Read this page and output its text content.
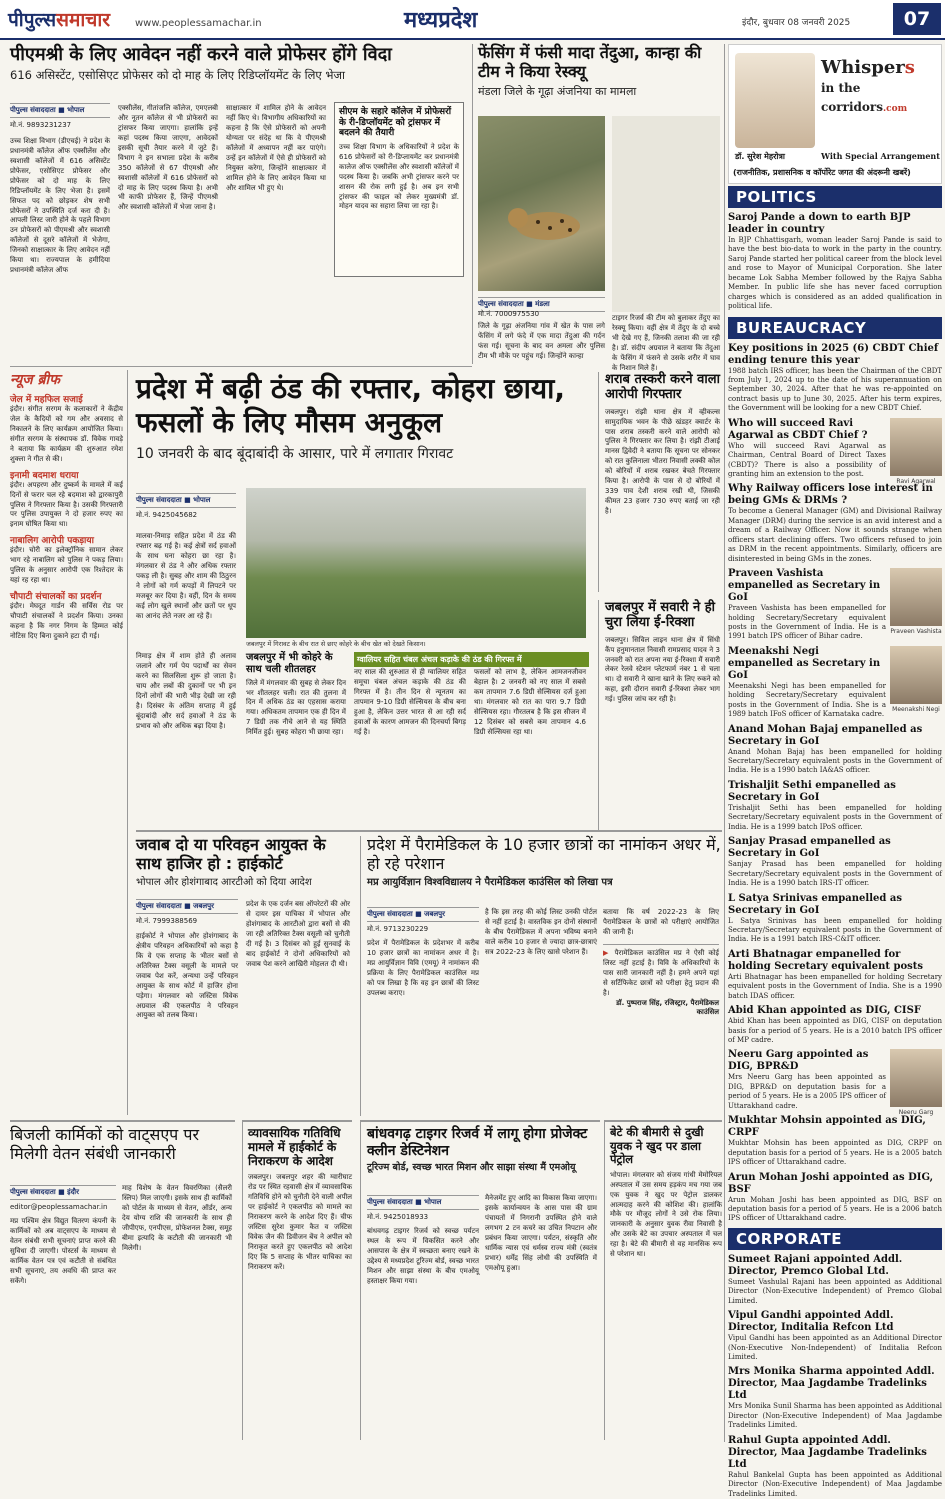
पीपुल्ससमाचार www.peoplessamachar.in	मध्यप्रदेश	इंदौर, बुधवार 08 जनवरी 2025	07
पीएमश्री के लिए आवेदन नहीं करने वाले प्रोफेसर होंगे विदा
616 असिस्टेंट, एसोसिएट प्रोफेसर को दो माह के लिए रिडिप्लॉयमेंट के लिए भेजा
पीपुल्स संवाददाता ■ भोपाल
मो.नं. 9893231237
उच्च शिक्षा विभाग (डीएचई) ने प्रदेश के प्रधानमंत्री कॉलेज ऑफ एक्सीलेंस और स्वशासी कॉलेजों में 616 असिस्टेंट प्रोफेसर, एसोसिएट प्रोफेसर और प्रोफेसर को दो माह के लिए रिडिप्लॉयमेंट के लिए भेजा है। इसमें सिफत पद को छोड़कर शेष सभी प्रोफेसरों ने उपस्थिति दर्ज करा दी है। आपली लिस्ट जारी होने के पहले विभाग उन प्रोफेसरों को पीएमश्री और स्वशासी कॉलेजों से दूसरे कॉलेजों में भेजेगा, जिनको साक्षात्कार के लिए आवेदन नहीं किया था। राज्यपाल के हमीदिया प्रधानमंत्री कॉलेज ऑफ
एक्सीलेंस, गीतांजलि कॉलेज, एमएलबी और नूतन कॉलेज से भी प्रोफेसरों का ट्रांसफर किया जाएगा। हालांकि इन्हें कहां पदस्थ किया जाएगा, आवेदकों इसकी सूची तैयार करने में जुटे हैं। विभाग ने इन सभाला प्रदेश के करीब 350 कॉलेजों से 67 पीएमश्री और स्वशासी कॉलेजों में 616 प्रोफेसरों को दो माह के लिए पदस्थ किया है। अभी भी काफी प्रोफेसर हैं, जिन्हें पीएमश्री और स्वशासी कॉलेजों में भेजा जाना है।
साक्षात्कार में शामिल होने के आवेदन नहीं किए थे। विभागीय अधिकारियों का कहना है कि ऐसे प्रोफेसरों को अपनी योग्यता पर संदेह था कि वे पीएमश्री कॉलेजों में अध्यापन नहीं कर पाएंगे। उन्हें इन कॉलेजों में ऐसे ही प्रोफेसरों को नियुक्त करेगा, जिन्होंने साक्षात्कार में शामिल होने के लिए आवेदन किया था और शामिल भी हुए थे।
सीएम के सहारे कॉलेज में प्रोफेसरों के री-डिप्लॉयमेंट को ट्रांसफर में बदलने की तैयारी
उच्च शिक्षा विभाग के अधिकारियों ने प्रदेश के 616 प्रोफेसरों को री-डिप्लायमेंट कर प्रधानमंत्री कालेज ऑफ एक्सीलेंस और स्वशासी कॉलेजों में पदस्थ किया है। जबकि अभी ट्रांसफर करने पर शासन की रोक लगी हुई है। अब इन सभी ट्रांसफर की फाइल को लेकर मुख्यमंत्री डॉ. मोहन यादव का सहारा लिया जा रहा है।
फेंसिंग में फंसी मादा तेंदुआ, कान्हा की टीम ने किया रेस्क्यू
मंडला जिले के गूढ़ा अंजनिया का मामला
पीपुल्स संवाददाता ■ मंडला
मो.नं. 7000975530
जिले के गूढ़ा अंजनिया गांव में खेत के पास लगे फेंसिंग में लगे फंदे में एक मादा तेंदुआ की गर्दन फंस गई। सूचना के बाद वन अमला और पुलिस टीम भी मौके पर पहुंच गई। जिन्होंने कान्हा
टाइगर रिजर्व की टीम को बुलाकर तेंदुए का रेस्क्यू किया। वहीं क्षेत्र में तेंदुए के दो बच्चे भी देखे गए हैं, जिनकी तलाश की जा रही है। डॉ. संदीप अग्रवाल ने बताया कि तेंदुआ के फेंसिंग में फंसने से उसके शरीर में घाव के निशान मिले हैं।
Whispers
in the corridors.com
डॉ. सुरेश मेहरोत्रा	With Special Arrangement
(राजनीतिक, प्रशासनिक व कॉर्पोरेट जगत की अंदरूनी खबरें)
POLITICS
Saroj Pande a down to earth BJP leader in country
In BJP Chhattisgarh, woman leader Saroj Pande is said to have the best bio-data to work in the party in the country. Saroj Pande started her political career from the block level and rose to Mayor of Municipal Corporation. She later became Lok Sabha Member followed by the Rajya Sabha Member. In public life she has never faced corruption charges which is considered as an added qualification in political life.
BUREAUCRACY
Key positions in 2025 (6) CBDT Chief ending tenure this year
1988 batch IRS officer, has been the Chairman of the CBDT from July 1, 2024 up to the date of his superannuation on September 30, 2024. After that he was re-appointed on contract basis up to June 30, 2025. After his term expires, the Government will be looking for a new CBDT Chief.
Ravi Agarwal
Who will succeed Ravi Agarwal as CBDT Chief ?
Who will succeed Ravi Agarwal as Chairman, Central Board of Direct Taxes (CBDT)? There is also a possibility of granting him an extension to the post.
Why Railway officers lose interest in being GMs & DRMs ?
To become a General Manager (GM) and Divisional Railway Manager (DRM) during the service is an avid interest and a dream of a Railway Officer. Now it sounds strange when officers start declining offers. Two officers refused to join as DRM in the recent appointments. Similarly, officers are disinterested in being GMs in the zones.
Praveen Vashista
Praveen Vashista empanelled as Secretary in GoI
Praveen Vashista has been empanelled for holding Secretary/Secretary equivalent posts in the Government of India. He is a 1991 batch IPS officer of Bihar cadre.
Meenakshi Negi
Meenakshi Negi empanelled as Secretary in GoI
Meenakshi Negi has been empanelled for holding Secretary/Secretary equivalent posts in the Government of India. She is a 1989 batch IFoS officer of Karnataka cadre.
Anand Mohan Bajaj empanelled as Secretary in GoI
Anand Mohan Bajaj has been empanelled for holding Secretary/Secretary equivalent posts in the Government of India. He is a 1990 batch IA&AS officer.
Trishaljit Sethi empanelled as Secretary in GoI
Trishaljit Sethi has been empanelled for holding Secretary/Secretary equivalent posts in the Government of India. He is a 1999 batch IPoS officer.
Sanjay Prasad empanelled as Secretary in GoI
Sanjay Prasad has been empanelled for holding Secretary/Secretary equivalent posts in the Government of India. He is a 1990 batch IRS-IT officer.
L Satya Srinivas empanelled as Secretary in GoI
L Satya Srinivas has been empanelled for holding Secretary/Secretary equivalent posts in the Government of India. He is a 1991 batch IRS-C&IT officer.
Arti Bhatnagar empanelled for holding Secretary equivalent posts
Arti Bhatnagar has been empanelled for holding Secretary equivalent posts in the Government of India. She is a 1990 batch IDAS officer.
Abid Khan appointed as DIG, CISF
Abid Khan has been appointed as DIG, CISF on deputation basis for a period of 5 years. He is a 2010 batch IPS officer of MP cadre.
Neeru Garg
Neeru Garg appointed as DIG, BPR&D
Mrs Neeru Garg has been appointed as DIG, BPR&D on deputation basis for a period of 5 years. He is a 2005 IPS officer of Uttarakhand cadre.
Mukhtar Mohsin appointed as DIG, CRPF
Mukhtar Mohsin has been appointed as DIG, CRPF on deputation basis for a period of 5 years. He is a 2005 batch IPS officer of Uttarakhand cadre.
Arun Mohan Joshi appointed as DIG, BSF
Arun Mohan Joshi has been appointed as DIG, BSF on deputation basis for a period of 5 years. He is a 2006 batch IPS officer of Uttarakhand cadre.
CORPORATE
Sumeet Rajani appointed Addl. Director, Premco Global Ltd.
Sumeet Vashulal Rajani has been appointed as Additional Director (Non-Executive Independent) of Premco Global Limited.
Vipul Gandhi appointed Addl. Director, Inditalia Refcon Ltd
Vipul Gandhi has been appointed as an Additional Director (Non-Executive Non-Independent) of Inditalia Refcon Limited.
Mrs Monika Sharma appointed Addl. Director, Maa Jagdambe Tradelinks Ltd
Mrs Monika Sunil Sharma has been appointed as Additional Director (Non-Executive Independent) of Maa Jagdambe Tradelinks Limited.
Rahul Gupta appointed Addl. Director, Maa Jagdambe Tradelinks Ltd
Rahul Bankelal Gupta has been appointed as Additional Director (Non-Executive Independent) of Maa Jagdambe Tradelinks Limited.
न्यूज ब्रीफ
जेल में महफिल सजाई
इंदौर। संगीत सरगम के कलाकारों ने केंद्रीय जेल के कैदियों को गम और अवसाद से निकालने के लिए कार्यक्रम आयोजित किया। संगीत सरगम के संस्थापक डॉ. विवेक गावड़े ने बताया कि कार्यक्रम की शुरुआत रमेश शुक्ला ने गीत से की।
इनामी बदमाश धराया
इंदौर। अपहरण और दुष्कर्म के मामले में कई दिनों से फरार चल रहे बदमाश को द्वारकापुरी पुलिस ने गिरफ्तार किया है। उसकी गिरफ्तारी पर पुलिस उपायुक्त ने दो हजार रुपए का इनाम घोषित किया था।
नाबालिग आरोपी पकड़ाया
इंदौर। चोरी का इलेक्ट्रॉनिक सामान लेकर भाग रहे नाबालिग को पुलिस ने पकड़ लिया। पुलिस के अनुसार आरोपी एक रिश्तेदार के यहां रह रहा था।
चौपाटी संचालकों का प्रदर्शन
इंदौर। मेघदूत गार्डन की सर्विस रोड पर चौपाटी संचालकों ने प्रदर्शन किया। उनका कहना है कि नगर निगम के हिम्मत कोई नोटिस दिए बिना दुकाने हटा दी गई।
प्रदेश में बढ़ी ठंड की रफ्तार, कोहरा छाया, फसलों के लिए मौसम अनुकूल
10 जनवरी के बाद बूंदाबांदी के आसार, पारे में लगातार गिरावट
पीपुल्स संवाददाता ■ भोपाल
मो.नं. 9425045682
जबलपुर में गिरावट के बीच रात से छाए कोहरे के बीच खेत को देखते किसान।
मालवा-निमाड़ सहित प्रदेश में ठंड की रफ्तार बढ़ गई है। कई क्षेत्रों सर्द हवाओं के साथ घना कोहरा छा रहा है। मंगलवार से ठंड ने और अधिक रफ्तार पकड़ ली है। सुबह और शाम की ठिठुरन ने लोगों को गर्म कपड़ों में लिपटने पर मजबूर कर दिया है। वहीं, दिन के समय कई लोग खुले स्थानों और छतों पर धूप का आनंद लेते नजर आ रहे हैं।
निमाड़ क्षेत्र में शाम होते ही अलाव जलाने और गर्म पेय पदार्थों का सेवन करने का सिलसिला शुरू हो जाता है। चाय और लबों की दुकानों पर भी इन दिनों लोगों की भारी भीड़ देखी जा रही है। दिसंबर के अंतिम सप्ताह में हुई बूंदाबांदी और सर्द हवाओं ने ठंड के प्रभाव को और अधिक बढ़ा दिया है।
जबलपुर में भी कोहरे के साथ चली शीतलहर
जिले में मंगलवार की सुबह से लेकर दिन भर शीतलहर चली। रात की तुलना में दिन में अधिक ठंड का एहसास कराया गया। अधिकतम तापमान एक ही दिन में 7 डिग्री तक नीचे आने से यह स्थिति निर्मित हुई। सुबह कोहरा भी छाया रहा।
ग्वालियर सहित चंबल अंचल कड़ाके की ठंड की गिरफ्त में
नए साल की शुरुआत से ही ग्वालियर सहित समूचा चंबल अंचल कड़ाके की ठंड की गिरफ्त में है। तीन दिन से न्यूनतम का तापमान 9-10 डिग्री सेल्सियस के बीच बना हुआ है, लेकिन उत्तर भारत से आ रही सर्द हवाओं के कारण आमजन की दिनचर्या बिगड़ गई है।
फसलों को लाभ है, लेकिन आमजनजीवन बेहाल है। 2 जनवरी को नए साल में सबसे कम तापमान 7.6 डिग्री सेल्सियस दर्ज हुआ था। मंगलवार को रात का पारा 9.7 डिग्री सेल्सियस रहा। गौरतलब है कि इस सीजन में 12 दिसंबर को सबसे कम तापमान 4.6 डिग्री सेल्सियस रहा था।
शराब तस्करी करने वाला आरोपी गिरफ्तार
जबलपुर। रांझी थाना क्षेत्र में व्हीकल्स सामुदायिक भवन के पीछे खंडहर क्वार्टर के पास शराब तस्करी करने वाले आरोपी को पुलिस ने गिरफ्तार कर लिया है। रांझी टीआई मानस द्विवेदी ने बताया कि सूचना पर सोनकर को रात कुलिनाला भीतरा निवासी लक्की कोल को बोरियों में शराब रखकर बेचते गिरफ्तार किया है। आरोपी के पास से दो बोरियों में 339 पाव देशी शराब रखी थी, जिसकी कीमत 23 हजार 730 रुपए बताई जा रही है।
जबलपुर में सवारी ने ही चुरा लिया ई-रिक्शा
जबलपुर। सिविल लाइन थाना क्षेत्र में सिंधी कैंप हनुमानताल निवासी रामप्रसाद यादव ने 3 जनवरी को रात अपना नया ई-रिक्शा मैं सवारी लेकर रेलवे स्टेशन प्लेटफार्म नंबर 1 से चला था। दो सवारी ने खाना खाने के लिए रुकने को कहा, इसी दौरान सवारी ई-रिक्शा लेकर भाग गई। पुलिस जांच कर रही है।
जवाब दो या परिवहन आयुक्त के साथ हाजिर हो : हाईकोर्ट
भोपाल और होशंगाबाद आरटीओ को दिया आदेश
पीपुल्स संवाददाता ■ जबलपुर
मो.नं. 7999388569
हाईकोर्ट ने भोपाल और होशंगाबाद के क्षेत्रीय परिवहन अधिकारियों को कहा है कि वे एक सप्ताह के भीतर बसों से अतिरिक्त टैक्स वसूली के मामले पर जवाब पेश करें, अन्यथा उन्हें परिवहन आयुक्त के साथ कोर्ट में हाजिर होना पड़ेगा। मंगलवार को जस्टिस विवेक अग्रवाल की एकलपीठ ने परिवहन आयुक्त को तलब किया।
प्रदेश के एक दर्जन बस ऑपरेटरों की ओर से दायर इस याचिका में भोपाल और होशंगाबाद के आरटीओ द्वारा बसों से की जा रही अतिरिक्त टैक्स वसूली को चुनौती दी गई है। 3 दिसंबर को हुई सुनवाई के बाद हाईकोर्ट ने दोनों अधिकारियों को जवाब पेश करने आखिरी मोहलत दी थी।
प्रदेश में पैरामेडिकल के 10 हजार छात्रों का नामांकन अधर में, हो रहे परेशान
मप्र आयुर्विज्ञान विश्वविद्यालय ने पैरामेडिकल काउंसिल को लिखा पत्र
पीपुल्स संवाददाता ■ जबलपुर
मो.नं. 9713230229
प्रदेश में पैरामेडिकल के प्रदेशभर में करीब 10 हजार छात्रों का नामांकन अधर में है। मप्र आयुर्विज्ञान विवि (एमयू) ने नामांकन की प्रक्रिया के लिए पैरामेडिकल काउंसिल मप्र को पत्र लिखा है कि वह इन छात्रों की लिस्ट उपलब्ध कराए।
है कि इस तरह की कोई लिस्ट उनकी पोर्टल से नहीं हटाई है। वास्तविक इन दोनों संस्थानों के बीच पैरामेडिकल में अपना भविष्य बनाने वाले करीब 10 हजार से ज्यादा छात्र-छात्राएं सत्र 2022-23 के लिए खासे परेशान हैं।
बताया कि वर्ष 2022-23 के लिए पैरामेडिकल के छात्रों को परीक्षाएं आयोजित की जानी हैं।
▶ पैरामेडिकल काउंसिल मप्र ने ऐसी कोई लिस्ट नहीं हटाई है। विवि के अधिकारियों के पास सारी जानकारी नहीं है। हमने अपने यहां से सर्टिफिकेट छात्रों को परीक्षा हेतु प्रदान की है।
डॉ. पुष्पराज सिंह, रजिस्ट्रार, पैरामेडिकल काउंसिल
बिजली कार्मिकों को वाट्सएप पर मिलेगी वेतन संबंधी जानकारी
पीपुल्स संवाददाता ■ इंदौर
editor@peoplessamachar.in
मप्र पश्चिम क्षेत्र विद्युत वितरण कंपनी के कार्मिकों को अब वाट्सएप के माध्यम से वेतन संबंधी सभी सूचनाएं प्राप्त करने की सुविधा दी जाएगी। पोस्टर्स के माध्यम से कार्मिक वेतन पत्र एवं कटौती से संबंधित सभी सूचनाएं, तय अवधि की प्राप्त कर सकेंगे।
माह विशेष के वेतन विवरणिका (सैलरी स्लिप) मिल जाएगी। इसके साथ ही कार्मिकों को पोर्टल के माध्यम से वेतन, ऑर्डर, अन्य देय योग्य राशि की जानकारी के साथ ही जीपीएफ, एनपीएस, प्रोफेशनल टैक्स, समूह बीमा इत्यादि के कटौती की जानकारी भी मिलेगी।
व्यावसायिक गतिविधि मामले में हाईकोर्ट के निराकरण के आदेश
जबलपुर। जबलपुर शहर की ग्वारीघाट रोड पर स्थित रहवासी क्षेत्र में व्यावसायिक गतिविधि होने को चुनौती देने वाली अपील पर हाईकोर्ट ने एकलपीठ को मामले का निराकरण करने के आदेश दिए हैं। चीफ जस्टिस सुरेश कुमार कैत व जस्टिस विवेक जैन की डिवीजन बेंच ने अपील को निराकृत करते हुए एकलपीठ को आदेश दिए कि 5 सप्ताह के भीतर याचिका का निराकरण करें।
बांधवगढ़ टाइगर रिजर्व में लागू होगा प्रोजेक्ट क्लीन डेस्टिनेशन
टूरिज्म बोर्ड, स्वच्छ भारत मिशन और साझा संस्था मैं एमओयू
पीपुल्स संवाददाता ■ भोपाल
मो.नं. 9425018933
बांधवगढ़ टाइगर रिजर्व को स्वच्छ पर्यटन स्थल के रूप में विकसित करने और आसपास के क्षेत्र में स्वच्छता बनाए रखने के उद्देश्य से मध्यप्रदेश टूरिज्म बोर्ड, स्वच्छ भारत मिशन और साझा संस्था के बीच एमओयू हस्ताक्षर किया गया।
मैनेजमेंट हुए आदि का विकास किया जाएगा। इसके कार्यान्वयन के आस पास की ग्राम पंचायतों में निगरानी उपस्थित होने वाले लगभग 2 टन कचरे का उचित निपटान और प्रबंधन किया जाएगा। पर्यटन, संस्कृति और धार्मिक न्यास एवं धर्मस्व राज्य मंत्री (स्वतंत्र प्रभार) धर्मेंद्र सिंह लोधी की उपस्थिति में एमओयू हुआ।
बेटे की बीमारी से दुखी युवक ने खुद पर डाला पेट्रोल
भोपाल। मंगलवार को संजय गांधी मेमोरियल अस्पताल में उस समय हड़कंप मच गया जब एक युवक ने खुद पर पेट्रोल डालकर आत्मदाह करने की कोशिश की। हालांकि मौके पर मौजूद लोगों ने उसे रोक लिया। जानकारी के अनुसार युवक रीवा निवासी है और उसके बेटे का उपचार अस्पताल में चल रहा है। बेटे की बीमारी से वह मानसिक रूप से परेशान था।
